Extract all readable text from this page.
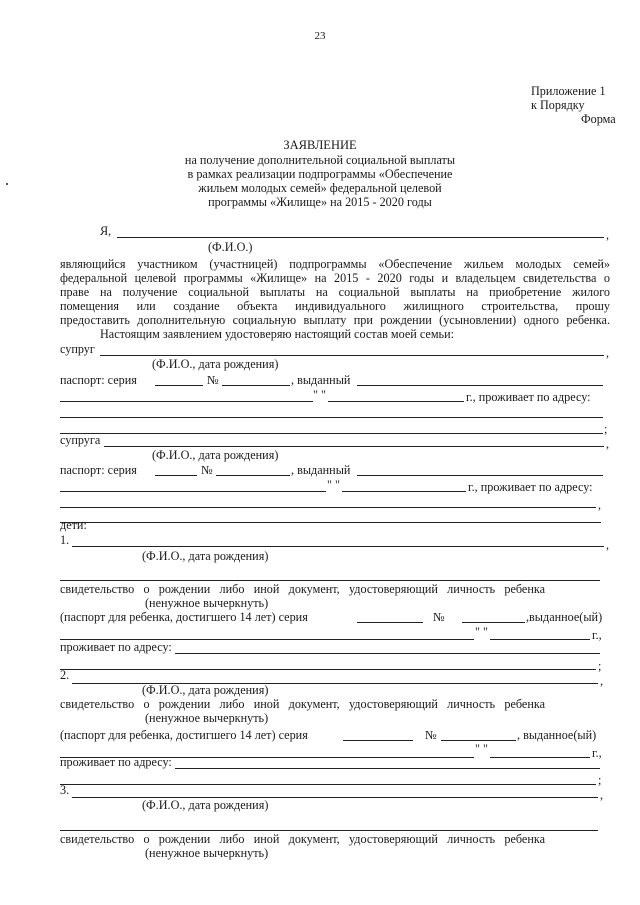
23
Приложение 1
к Порядку
Форма
ЗАЯВЛЕНИЕ
на получение дополнительной социальной выплаты
в рамках реализации подпрограммы «Обеспечение
жильем молодых семей» федеральной целевой
программы «Жилище» на 2015 - 2020 годы
Я,	,
(Ф.И.О.)
являющийся участником (участницей) подпрограммы «Обеспечение жильем молодых семей»
федеральной целевой программы «Жилище» на 2015 - 2020 годы и владельцем свидетельства о
праве на получение социальной выплаты на социальной выплаты на приобретение жилого
помещения или создание объекта индивидуального жилищного строительства, прошу
предоставить дополнительную социальную выплату при рождении (усыновлении) одного ребенка.
Настоящим заявлением удостоверяю настоящий состав моей семьи:
супруг	,
(Ф.И.О., дата рождения)
паспорт: серия	№	, выданный
" "	г., проживает по адресу:
;
супруга	,
(Ф.И.О., дата рождения)
паспорт: серия	№	, выданный
" "	г., проживает по адресу:
,
дети:
1.	,
(Ф.И.О., дата рождения)
свидетельство о рождении либо иной документ, удостоверяющий личность ребенка
(ненужное вычеркнуть)
(паспорт для ребенка, достигшего 14 лет) серия	№	,выданное(ый)
" "	г.,
проживает по адресу:
;
2.	,
(Ф.И.О., дата рождения)
свидетельство о рождении либо иной документ, удостоверяющий личность ребенка
(ненужное вычеркнуть)
(паспорт для ребенка, достигшего 14 лет) серия	№	, выданное(ый)
" "	г.,
проживает по адресу:
;
3.	,
(Ф.И.О., дата рождения)
свидетельство о рождении либо иной документ, удостоверяющий личность ребенка
(ненужное вычеркнуть)
